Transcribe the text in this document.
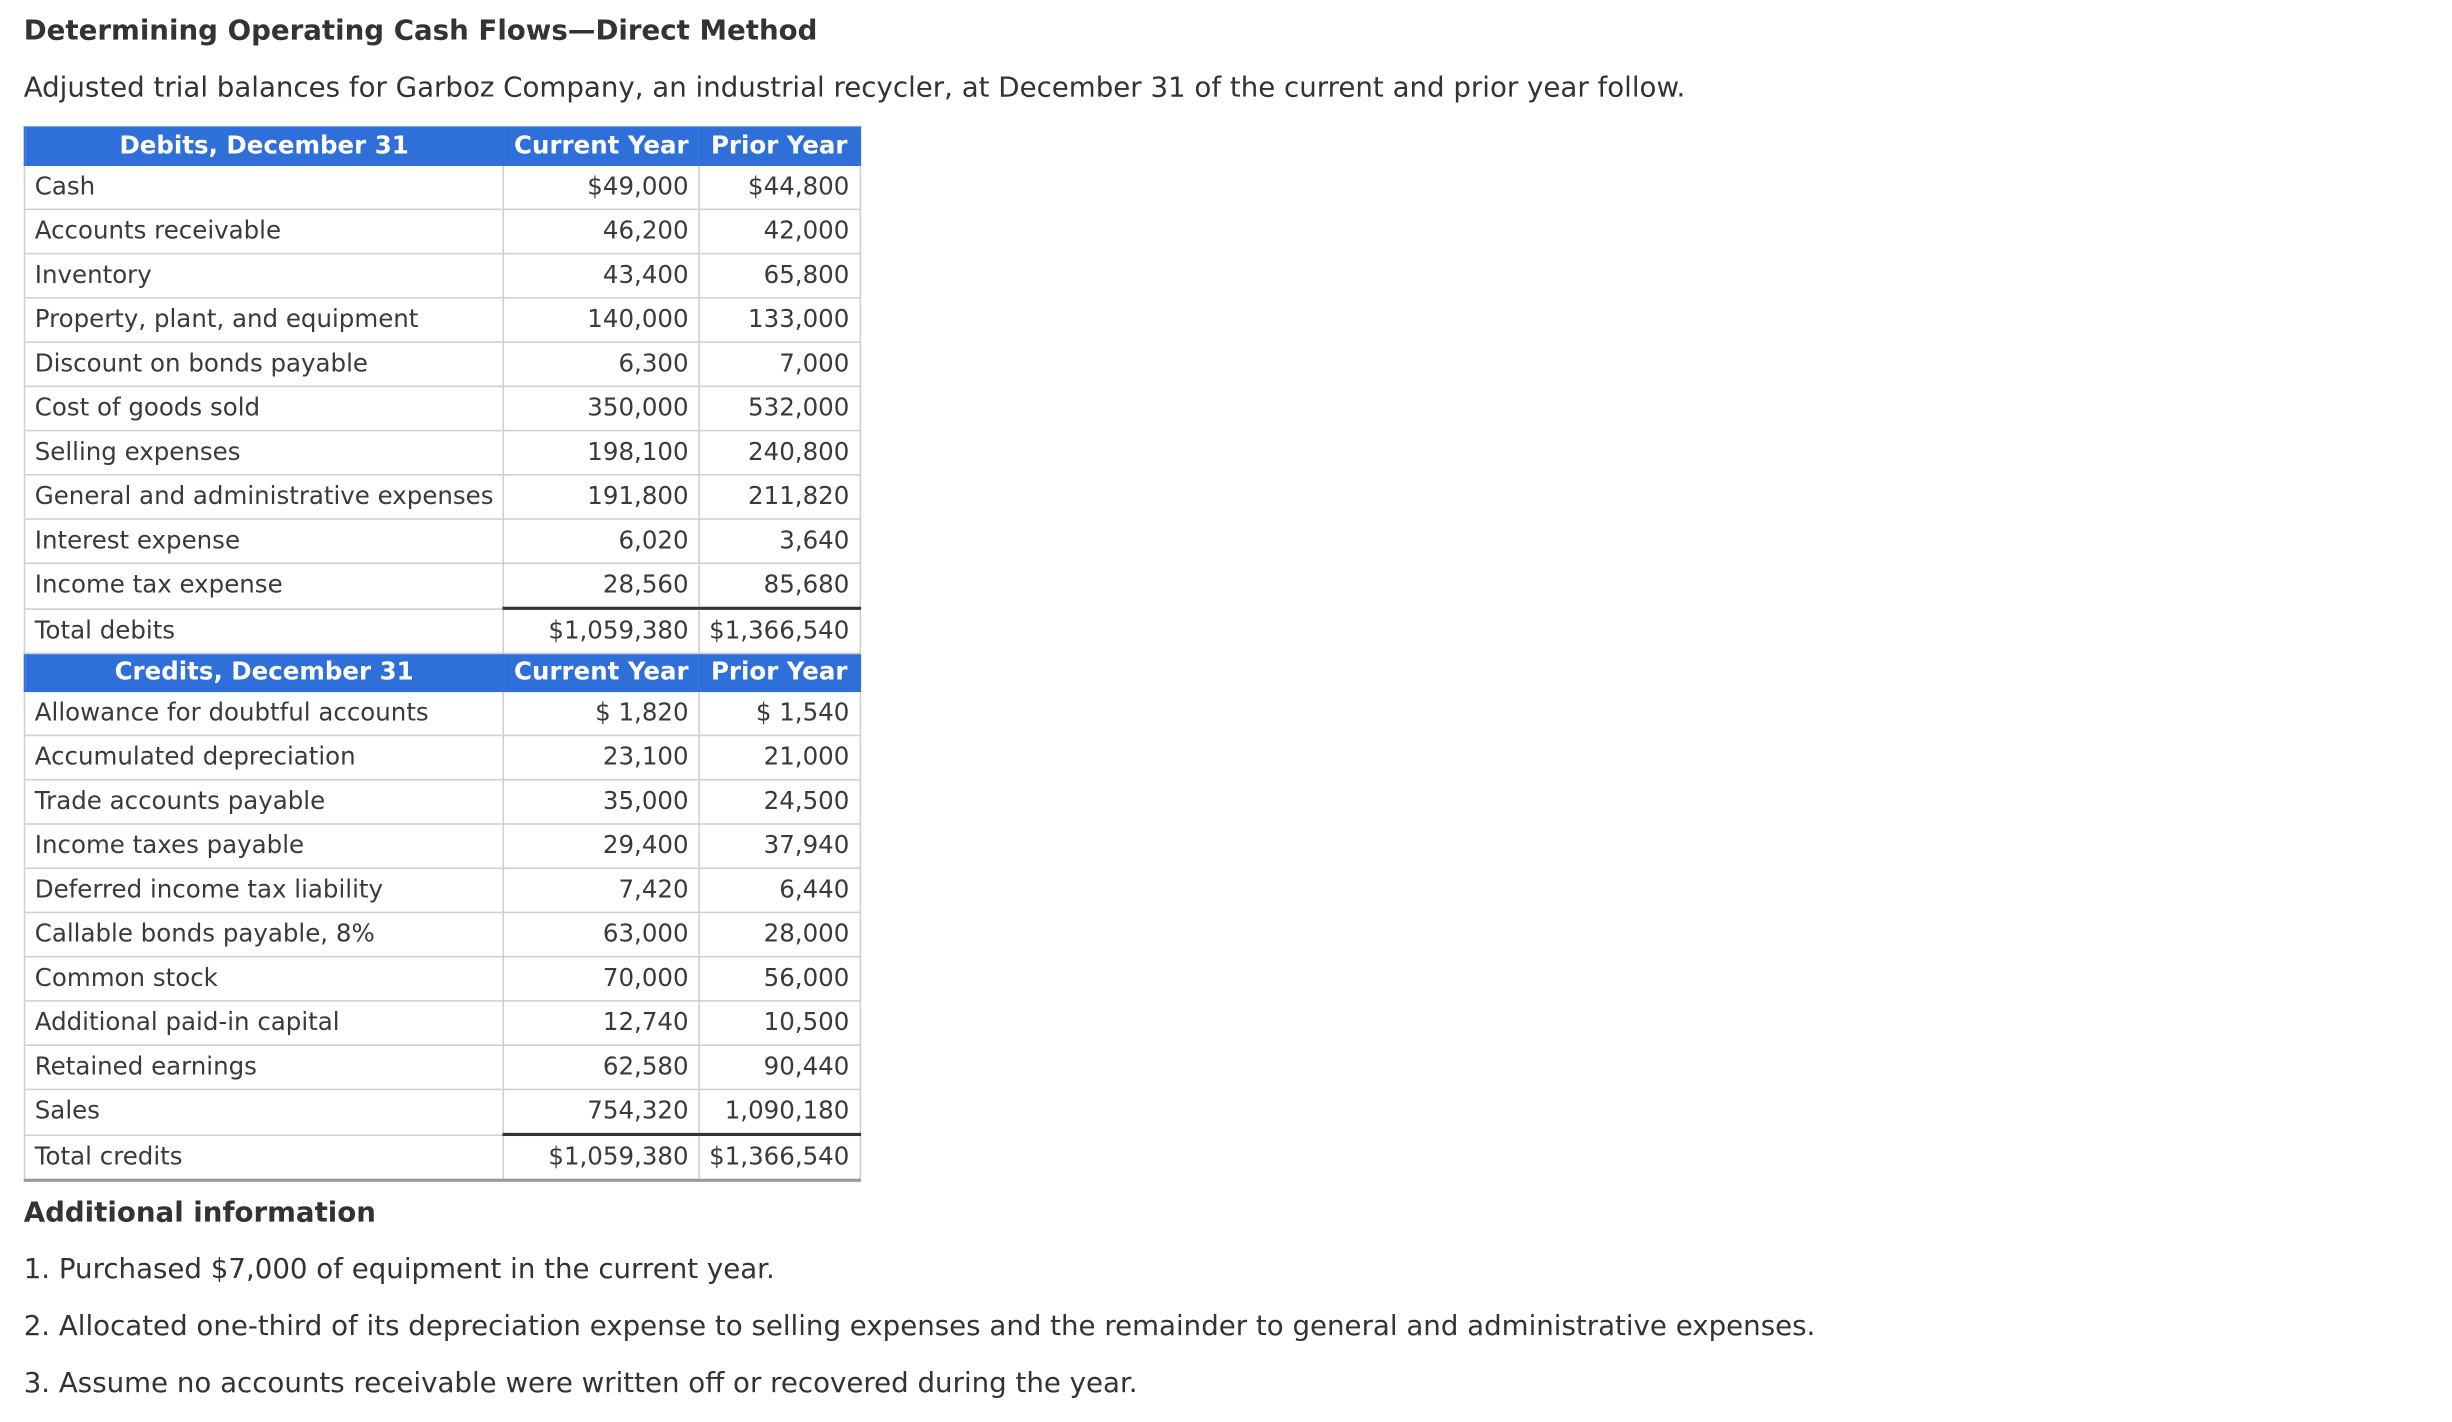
Determining Operating Cash Flows—Direct Method

Adjusted trial balances for Garboz Company, an industrial recycler, at December 31 of the current and prior year follow.

Debits, December 31	Current Year	Prior Year
Cash	$49,000	$44,800
Accounts receivable	46,200	42,000
Inventory	43,400	65,800
Property, plant, and equipment	140,000	133,000
Discount on bonds payable	6,300	7,000
Cost of goods sold	350,000	532,000
Selling expenses	198,100	240,800
General and administrative expenses	191,800	211,820
Interest expense	6,020	3,640
Income tax expense	28,560	85,680
Total debits	$1,059,380	$1,366,540
Credits, December 31	Current Year	Prior Year
Allowance for doubtful accounts	$ 1,820	$ 1,540
Accumulated depreciation	23,100	21,000
Trade accounts payable	35,000	24,500
Income taxes payable	29,400	37,940
Deferred income tax liability	7,420	6,440
Callable bonds payable, 8%	63,000	28,000
Common stock	70,000	56,000
Additional paid-in capital	12,740	10,500
Retained earnings	62,580	90,440
Sales	754,320	1,090,180
Total credits	$1,059,380	$1,366,540
Additional information

1. Purchased $7,000 of equipment in the current year.

2. Allocated one-third of its depreciation expense to selling expenses and the remainder to general and administrative expenses.

3. Assume no accounts receivable were written off or recovered during the year.
